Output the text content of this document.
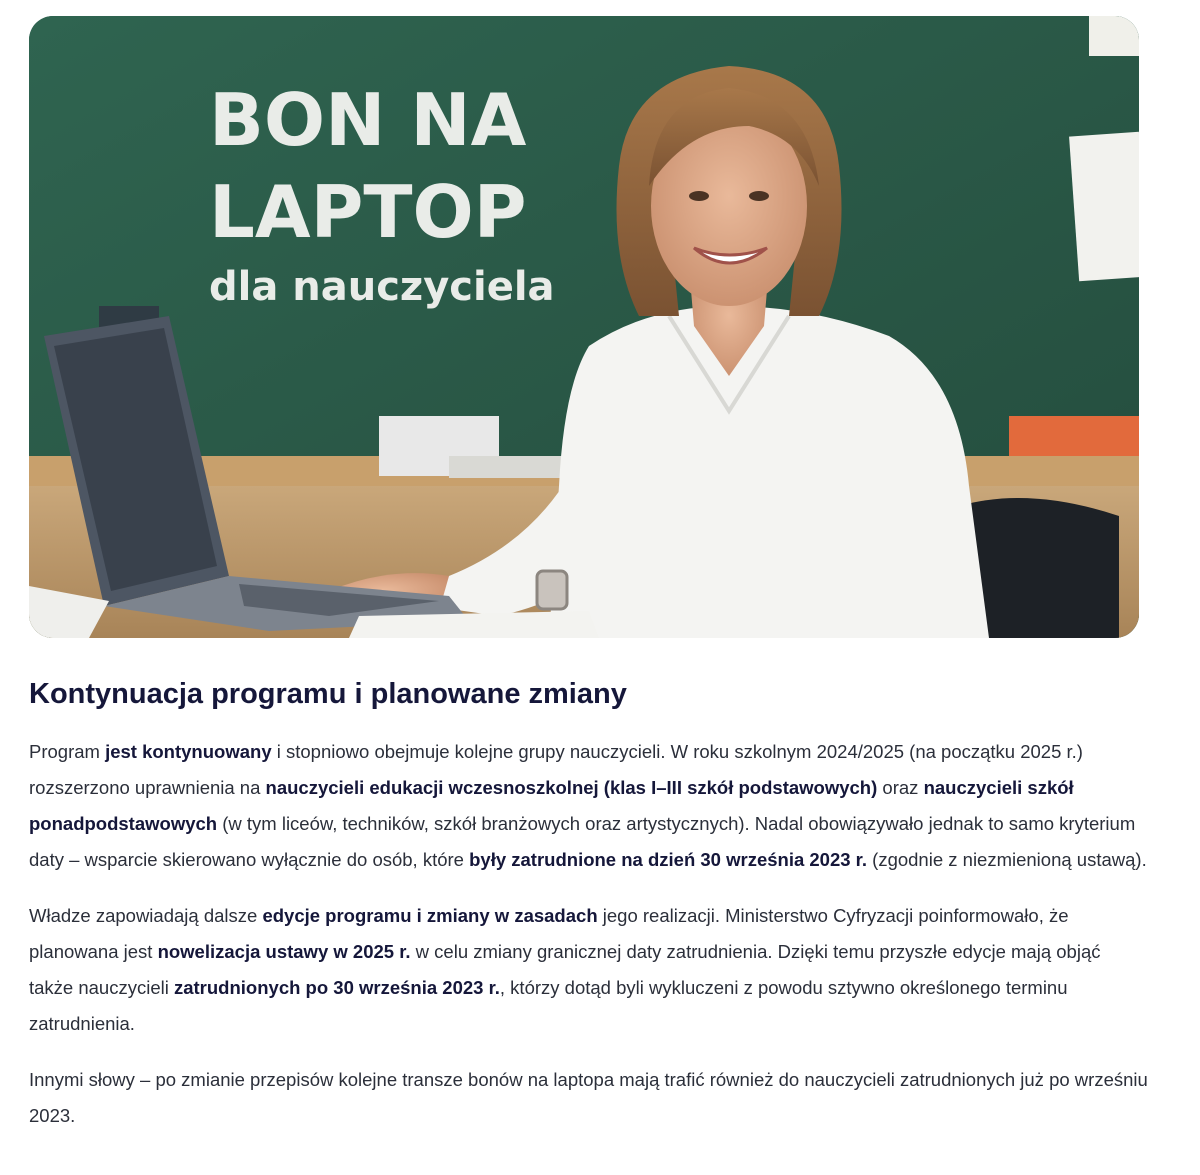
BON NA
LAPTOP
dla nauczyciela
Kontynuacja programu i planowane zmiany

Program jest kontynuowany i stopniowo obejmuje kolejne grupy nauczycieli. W roku szkolnym 2024/2025 (na początku 2025 r.) rozszerzono uprawnienia na nauczycieli edukacji wczesnoszkolnej (klas I–III szkół podstawowych) oraz nauczycieli szkół ponadpodstawowych (w tym liceów, techników, szkół branżowych oraz artystycznych). Nadal obowiązywało jednak to samo kryterium daty – wsparcie skierowano wyłącznie do osób, które były zatrudnione na dzień 30 września 2023 r. (zgodnie z niezmienioną ustawą).

Władze zapowiadają dalsze edycje programu i zmiany w zasadach jego realizacji. Ministerstwo Cyfryzacji poinformowało, że planowana jest nowelizacja ustawy w 2025 r. w celu zmiany granicznej daty zatrudnienia. Dzięki temu przyszłe edycje mają objąć także nauczycieli zatrudnionych po 30 września 2023 r., którzy dotąd byli wykluczeni z powodu sztywno określonego terminu zatrudnienia.

Innymi słowy – po zmianie przepisów kolejne transze bonów na laptopa mają trafić również do nauczycieli zatrudnionych już po wrześniu 2023.
